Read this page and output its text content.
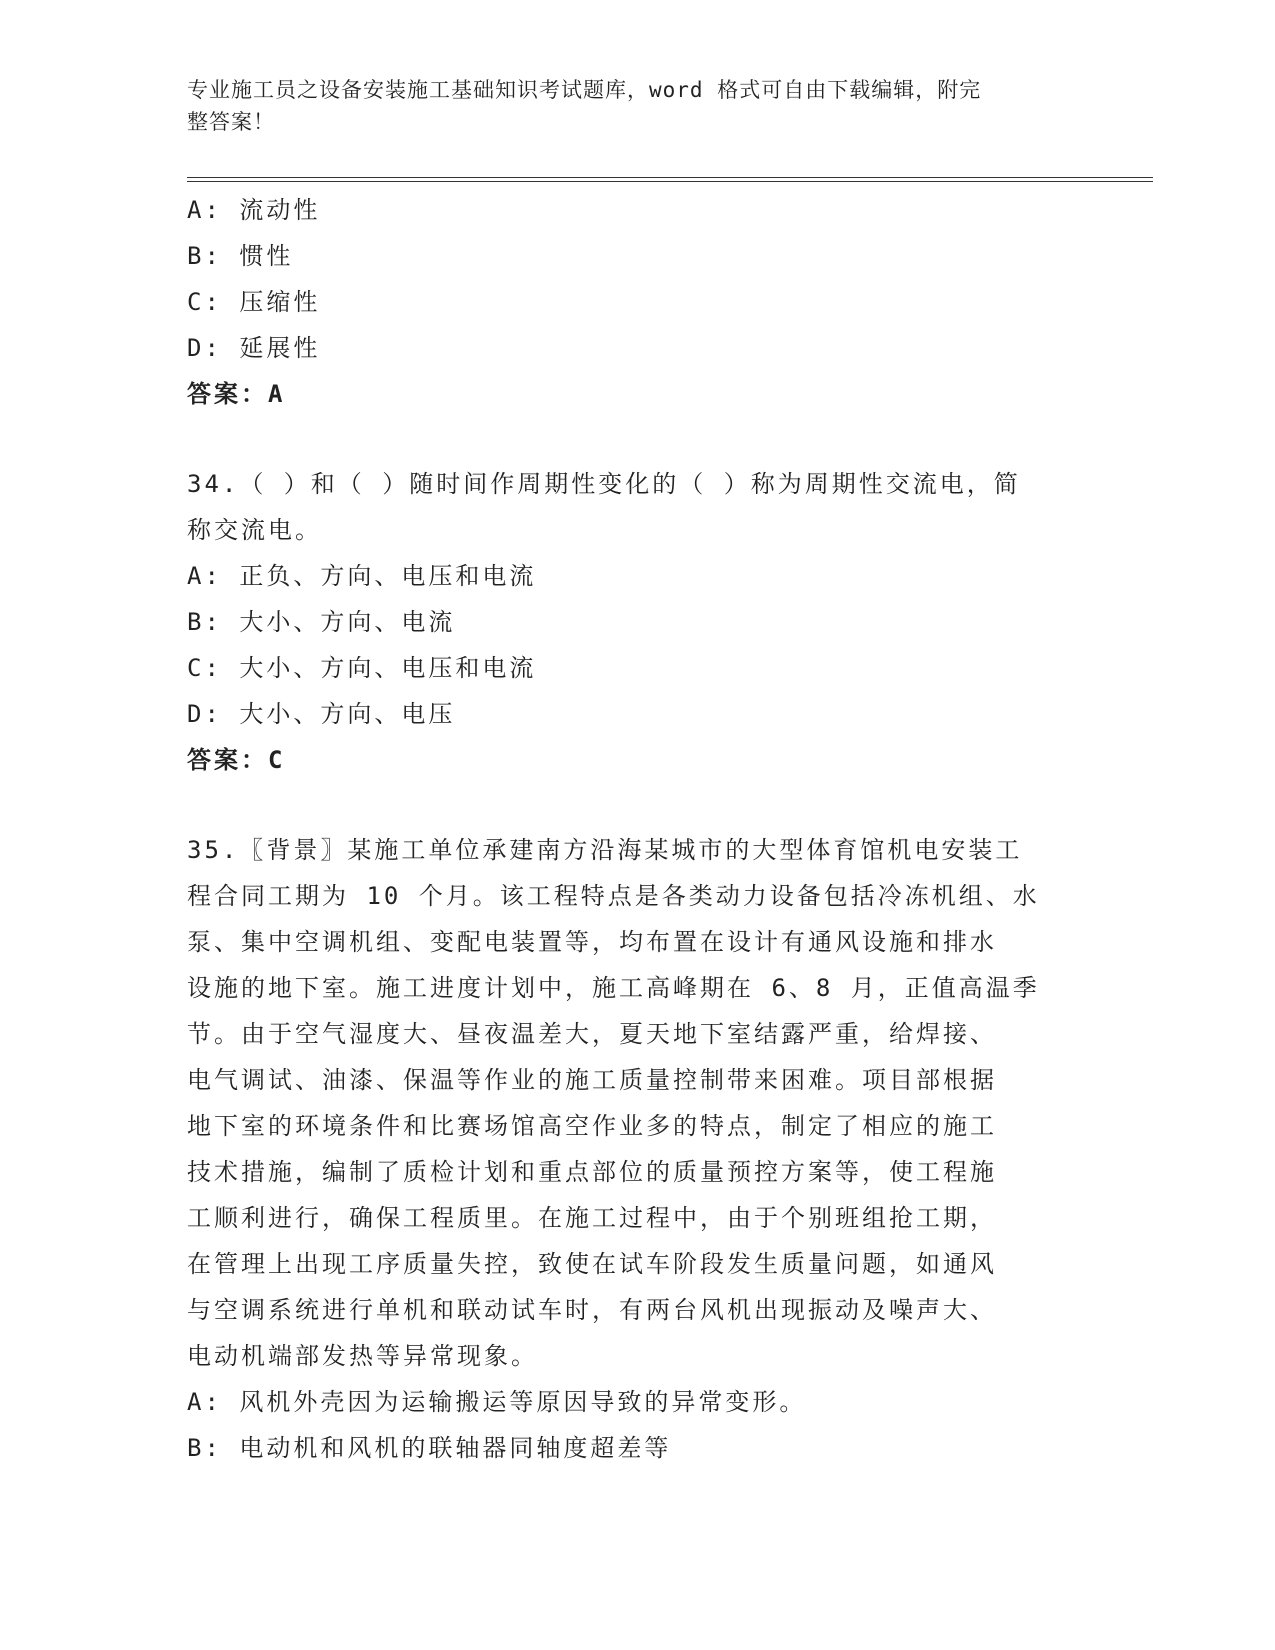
专业施工员之设备安装施工基础知识考试题库，word 格式可自由下载编辑，附完
整答案！
A: 流动性
B: 惯性
C: 压缩性
D: 延展性
答案：A
34.（ ）和（ ）随时间作周期性变化的（ ）称为周期性交流电，简
称交流电。
A: 正负、方向、电压和电流
B: 大小、方向、电流
C: 大小、方向、电压和电流
D: 大小、方向、电压
答案：C
35.〖背景〗某施工单位承建南方沿海某城市的大型体育馆机电安装工
程合同工期为 10 个月。该工程特点是各类动力设备包括冷冻机组、水
泵、集中空调机组、变配电装置等，均布置在设计有通风设施和排水
设施的地下室。施工进度计划中，施工高峰期在 6、8 月，正值高温季
节。由于空气湿度大、昼夜温差大，夏天地下室结露严重，给焊接、
电气调试、油漆、保温等作业的施工质量控制带来困难。项目部根据
地下室的环境条件和比赛场馆高空作业多的特点，制定了相应的施工
技术措施，编制了质检计划和重点部位的质量预控方案等，使工程施
工顺利进行，确保工程质里。在施工过程中，由于个别班组抢工期，
在管理上出现工序质量失控，致使在试车阶段发生质量问题，如通风
与空调系统进行单机和联动试车时，有两台风机出现振动及噪声大、
电动机端部发热等异常现象。
A: 风机外壳因为运输搬运等原因导致的异常变形。
B: 电动机和风机的联轴器同轴度超差等
